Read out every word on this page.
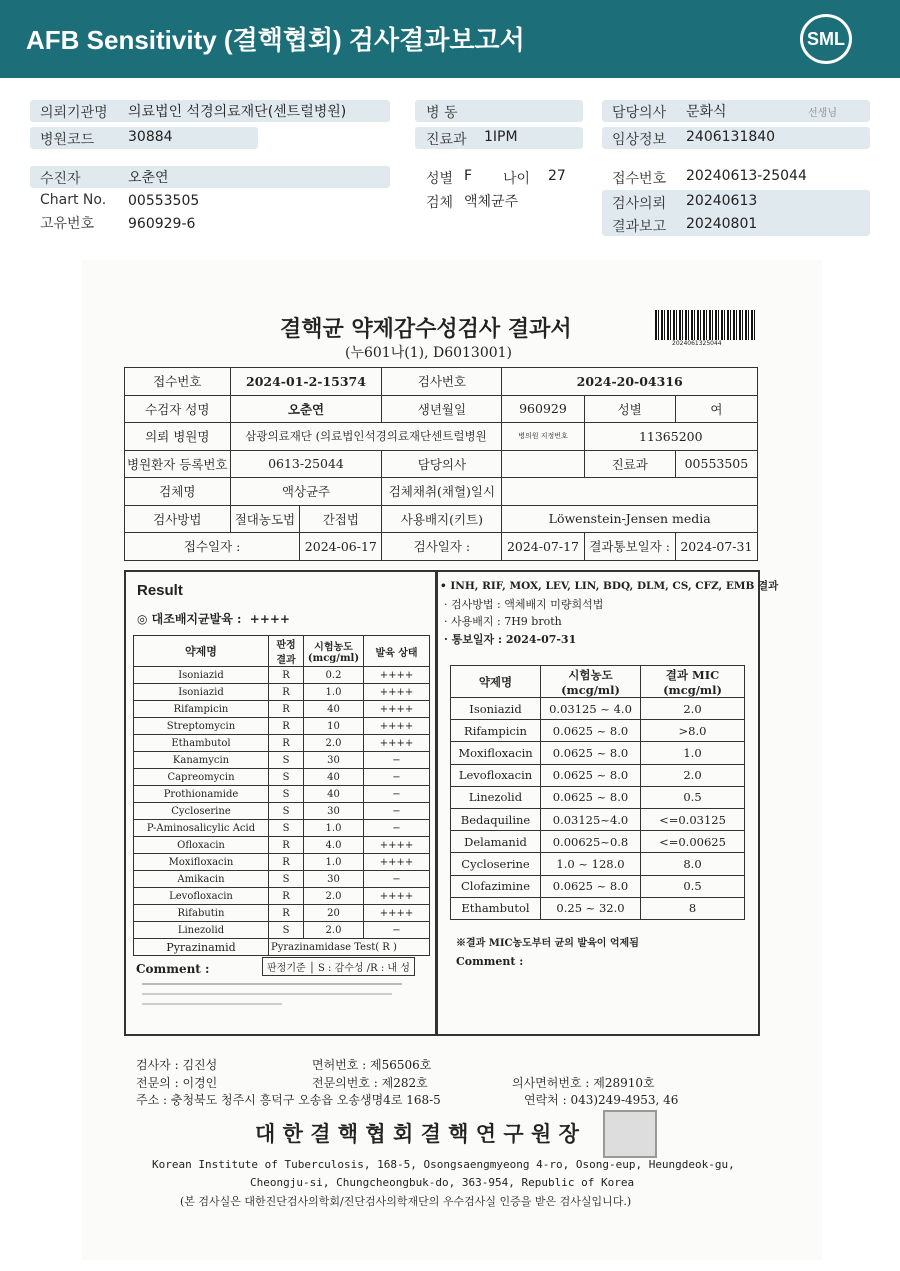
AFB Sensitivity (결핵협회) 검사결과보고서	SML
의뢰기관명 의료법인 석경의료재단(센트럴병원)	병 동	담당의사 문화식	선생님
병원코드 30884	진료과 1IPM	임상정보 2406131840
수진자	오춘연	성별 F 나이 27	접수번호 20240613-25044
Chart No. 00553505	검체 액체균주	검사의뢰 20240613
고유번호 960929-6	결과보고 20240801
결핵균 약제감수성검사 결과서
(누601나(1), D6013001)
2024061325044
접수번호	2024-01-2-15374		검사번호	2024-20-04316		
수검자 성명	오춘연		생년월일	960929	성별	여
의뢰 병원명	삼광의료재단 (의료법인석경의료재단센트럴병원			병의원 지정번호	11365200	
병원환자 등록번호	0613-25044		담당의사		진료과	00553505
검체명	액상균주		검체채취(채혈)일시			
검사방법	절대농도법	간접법	사용배지(키트)	Löwenstein-Jensen media		
접수일자 :		2024-06-17	검사일자 :	2024-07-17	결과통보일자 :	2024-07-31
Result
◎ 대조배지균발육 : ++++
약제명	판정 결과	시험농도 (mcg/ml)	발육 상태
Isoniazid	R	0.2	++++
Isoniazid	R	1.0	++++
Rifampicin	R	40	++++
Streptomycin	R	10	++++
Ethambutol	R	2.0	++++
Kanamycin	S	30	−
Capreomycin	S	40	−
Prothionamide	S	40	−
Cycloserine	S	30	−
P-Aminosalicylic Acid	S	1.0	−
Ofloxacin	R	4.0	++++
Moxifloxacin	R	1.0	++++
Amikacin	S	30	−
Levofloxacin	R	2.0	++++
Rifabutin	R	20	++++
Linezolid	S	2.0	−
Pyrazinamid	Pyrazinamidase Test( R )		
Comment :	판정기준 │ S : 감수성 /R : 내 성
• INH, RIF, MOX, LEV, LIN, BDQ, DLM, CS, CFZ, EMB 결과
· 검사방법 : 액체배지 미량희석법
· 사용배지 : 7H9 broth
· 통보일자 : 2024-07-31
약제명	시험농도 (mcg/ml)	결과 MIC (mcg/ml)
Isoniazid	0.03125 ~ 4.0	2.0
Rifampicin	0.0625 ~ 8.0	>8.0
Moxifloxacin	0.0625 ~ 8.0	1.0
Levofloxacin	0.0625 ~ 8.0	2.0
Linezolid	0.0625 ~ 8.0	0.5
Bedaquiline	0.03125~4.0	<=0.03125
Delamanid	0.00625~0.8	<=0.00625
Cycloserine	1.0 ~ 128.0	8.0
Clofazimine	0.0625 ~ 8.0	0.5
Ethambutol	0.25 ~ 32.0	8
※결과 MIC농도부터 균의 발육이 억제됨
Comment :
검사자 : 김진성	면허번호 : 제56506호
전문의 : 이경인	전문의번호 : 제282호	의사면허번호 : 제28910호
주소 : 충청북도 청주시 흥덕구 오송읍 오송생명4로 168-5	연락처 : 043)249-4953, 46
대 한 결 핵 협 회 결 핵 연 구 원 장
Korean Institute of Tuberculosis, 168-5, Osongsaengmyeong 4-ro, Osong-eup, Heungdeok-gu,
Cheongju-si, Chungcheongbuk-do, 363-954, Republic of Korea
(본 검사실은 대한진단검사의학회/진단검사의학재단의 우수검사실 인증을 받은 검사실입니다.)
